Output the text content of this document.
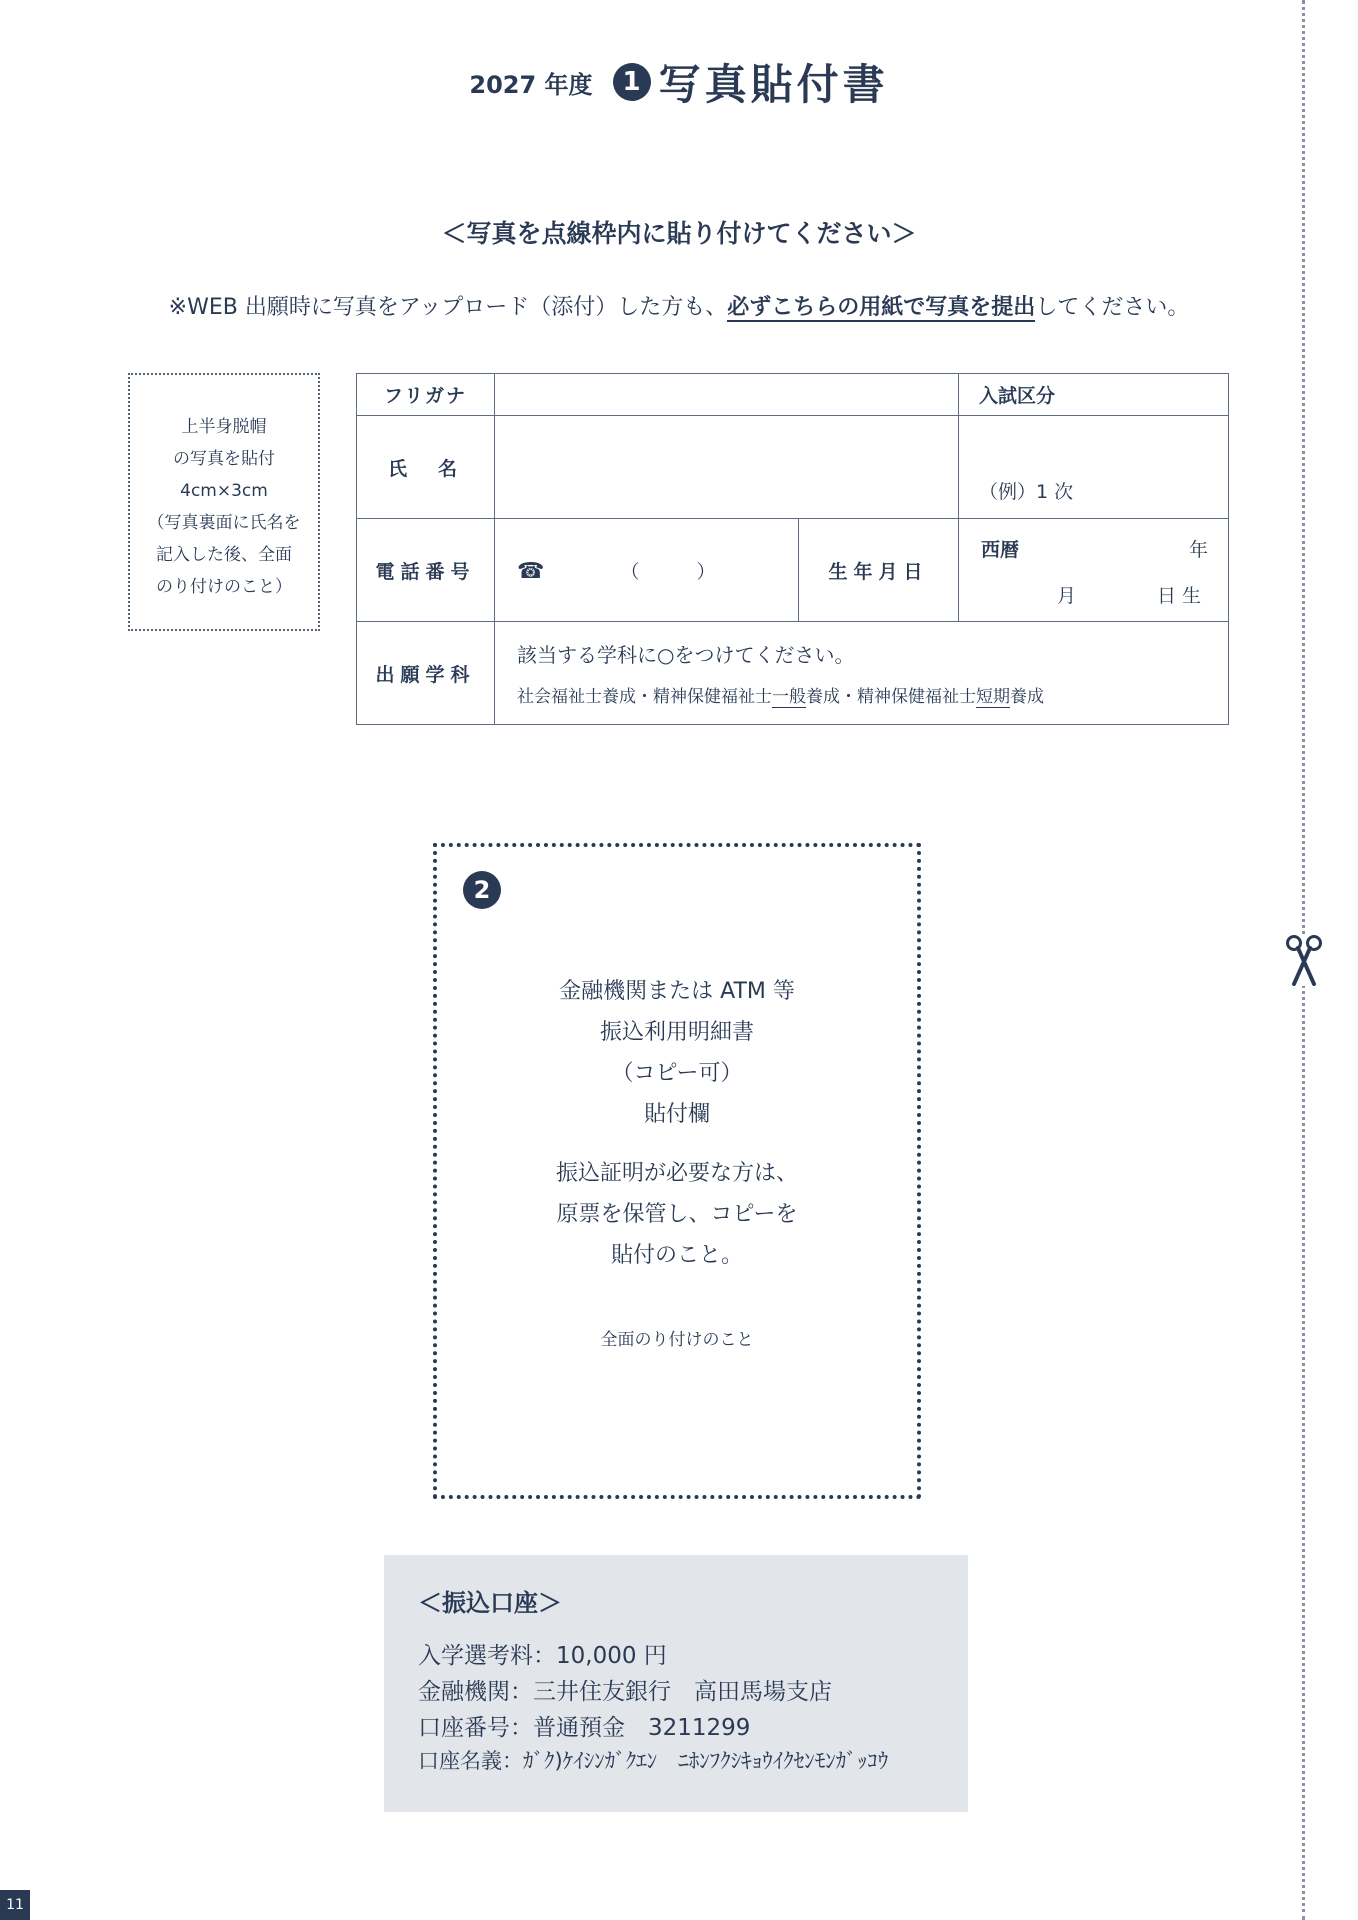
2027 年度	1 写真貼付書
＜写真を点線枠内に貼り付けてください＞
※WEB 出願時に写真をアップロード（添付）した方も、必ずこちらの用紙で写真を提出してください。
上半身脱帽
の写真を貼付
4cm×3cm
（写真裏面に氏名を
記入した後、全面
のり付けのこと）
フリガナ			入試区分
氏　名			（例）1 次
電話番号	☎ （　　　）	生年月日	西暦 年
月 日 生

出願学科	該当する学科に○をつけてください。
社会福祉士養成・精神保健福祉士一般養成・精神保健福祉士短期養成		
2
金融機関または ATM 等
振込利用明細書
（コピー可）
貼付欄
振込証明が必要な方は、
原票を保管し、コピーを
貼付のこと。
全面のり付けのこと
＜振込口座＞
入学選考料：10,000 円
金融機関：三井住友銀行　高田馬場支店
口座番号：普通預金　3211299
口座名義：ｶﾞｸ)ｹｲｼﾝｶﾞｸｴﾝ　ﾆﾎﾝﾌｸｼｷｮｳｲｸｾﾝﾓﾝｶﾞｯｺｳ
11
